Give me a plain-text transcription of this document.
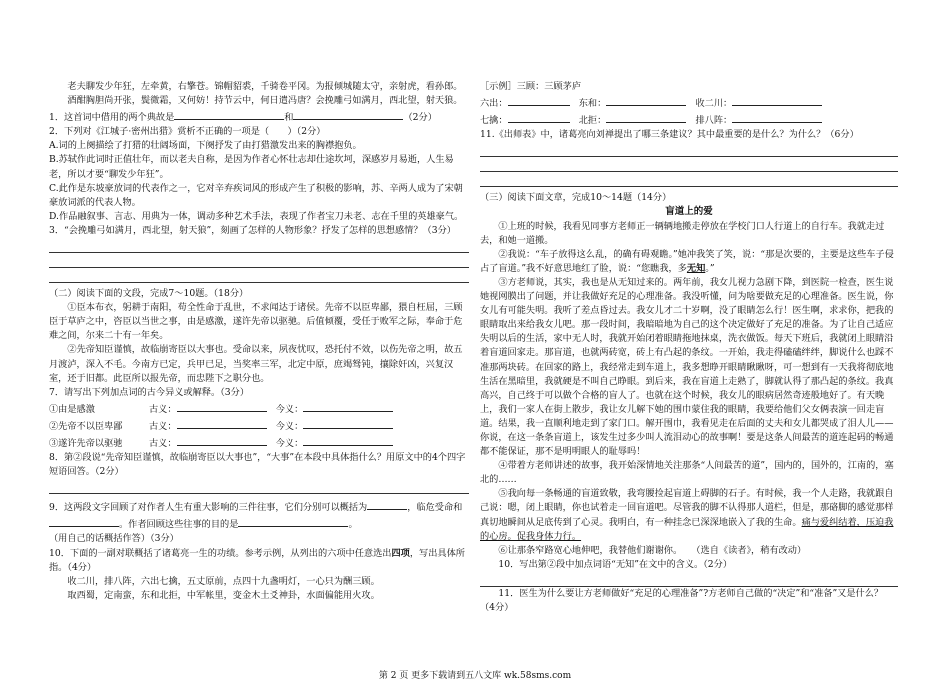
老夫聊发少年狂，左牵黄，右擎苍。锦帽貂裘，千骑卷平冈。为报倾城随太守，亲射虎，看孙郎。

酒酣胸胆尚开张，鬓微霜，又何妨！持节云中，何日遣冯唐？会挽雕弓如满月，西北望，射天狼。

1．这首词中借用的两个典故是	和	（2分）

2．下列对《江城子·密州出猎》赏析不正确的一项是（　　）（2分）

A.词的上阕描绘了打猎的壮阔场面，下阕抒发了由打猎激发出来的胸襟抱负。

B.苏轼作此词时正值壮年，而以老夫自称，是因为作者心怀壮志却仕途坎坷，深感岁月易逝，人生易老，所以才要“聊发少年狂”。

C.此作是东坡豪放词的代表作之一，它对辛弃疾词风的形成产生了积极的影响，苏、辛两人成为了宋朝豪放词派的代表人物。

D.作品融叙事、言志、用典为一体，调动多种艺术手法，表现了作者宝刀未老、志在千里的英雄豪气。

3．“会挽雕弓如满月，西北望，射天狼”，刻画了怎样的人物形象？抒发了怎样的思想感情？（3分）

（二）阅读下面的文段，完成7～10题。（18分）

①臣本布衣，躬耕于南阳，苟全性命于乱世，不求闻达于诸侯。先帝不以臣卑鄙，猥自枉屈，三顾臣于草庐之中，咨臣以当世之事，由是感激，遂许先帝以驱驰。后值倾覆，受任于败军之际，奉命于危难之间，尔来二十有一年矣。

②先帝知臣谨慎，故临崩寄臣以大事也。受命以来，夙夜忧叹，恐托付不效，以伤先帝之明，故五月渡泸，深入不毛。今南方已定，兵甲已足，当奖率三军，北定中原，庶竭驽钝，攘除奸凶，兴复汉室，还于旧都。此臣所以报先帝，而忠陛下之职分也。

7．请写出下列加点词的古今异义或解释。（3分）

①由是感激	古义：　	今义：

②先帝不以臣卑鄙	古义：　	今义：

③遂许先帝以驱驰	古义：　	今义：

8．第②段说“先帝知臣谨慎，故临崩寄臣以大事也”，“大事”在本段中具体指什么？用原文中的4个四字短语回答。（2分）

9．这两段文字回顾了对作者人生有重大影响的三件往事，它们分别可以概括为	，临危受命和。作者回顾这些往事的目的是	。

（用自己的话概括作答）（3分）

10．下面的一副对联概括了诸葛亮一生的功绩。参考示例，从列出的六项中任意选出四项，写出具体所指。（4分）

收二川，排八阵，六出七擒，五丈原前，点四十九盏明灯，一心只为酬三顾。

取西蜀，定南蛮，东和北拒，中军帐里，变金木土爻神卦，水面偏能用火攻。

［示例］三顾：三顾茅庐

六出：　	东和：　	收二川：

七擒：　	北拒：　	排八阵：

11.《出师表》中，诸葛亮向刘禅提出了哪三条建议？其中最重要的是什么？为什么？（6分）

（三）阅读下面文章，完成10～14题（14分）

盲道上的爱

①上班的时候，我看见同事方老师正一辆辆地搬走停放在学校门口人行道上的自行车。我就走过去，和她一道搬。

②我说：“车子放得这么乱，的确有碍观瞻。”她冲我笑了笑，说：“那是次要的，主要是这些车子侵占了盲道。”我不好意思地红了脸，说：“您瞧我，多无知。”

③方老师说，其实，我也是从无知过来的。两年前，我女儿视力急剧下降，到医院一检查，医生说她视网膜出了问题，并让我做好充足的心理准备。我没听懂，问为啥要做充足的心理准备。医生说，你女儿有可能失明。我听了差点昏过去。我女儿才二十岁啊，没了眼睛怎么行！医生啊，求求你，把我的眼睛取出来给我女儿吧。那一段时间，我暗暗地为自己的这个决定做好了充足的准备。为了让自己适应失明以后的生活，家中无人时，我就开始闭着眼睛拖地抹桌，洗衣做饭。每天下班后，我就闭上眼睛沿着盲道回家走。那盲道，也就两砖宽，砖上有凸起的条纹。一开始，我走得磕磕绊绊，脚说什么也踩不准那两块砖。在回家的路上，我经常走到车道上，我多想睁开眼睛瞅瞅呀，可一想到有一天我将彻底地生活在黑暗里，我就硬是不叫自己睁眼。到后来，我在盲道上走熟了，脚就认得了那凸起的条纹。我真高兴，自己终于可以做个合格的盲人了。也就在这个时候，我女儿的眼病居然奇迹般地好了。有天晚上，我们一家人在街上散步，我让女儿解下她的围巾蒙住我的眼睛，我要给他们父女俩表演一回走盲道。结果，我一直顺利地走到了家门口。解开围巾，我看见走在后面的丈夫和女儿都哭成了泪人儿——你说，在这一条条盲道上，该发生过多少叫人流泪动心的故事啊！要是这条人间最苦的道连起码的畅通都不能保证，那不是明明眼人的耻辱吗！

④带着方老师讲述的故事，我开始深情地关注那条“人间最苦的道”，国内的，国外的，江南的，塞北的……

⑤我向每一条畅通的盲道致敬，我弯腰捡起盲道上碍脚的石子。有时候，我一个人走路，我就跟自己说：嗯，闭上眼睛，你也试着走一回盲道吧。尽管我的脚不认得那人道栏，但是，那硌脚的感觉那样真切地瞬间从足底传到了心灵。我明白，有一种挂念已深深地嵌入了我的生命。痛与爱纠结着，压迫我的心房。促我身体力行。

⑥让那条窄路宽心地伸吧，我替他们谢谢你。　　 （选自《读者》，稍有改动）

10．写出第②段中加点词语“无知”在文中的含义。（2分）

11．医生为什么要让方老师做好“充足的心理准备”?方老师自己做的“决定”和“准备”又是什么？（4分）

第 2 页 更多下载请到五八文库 wk.58sms.com
